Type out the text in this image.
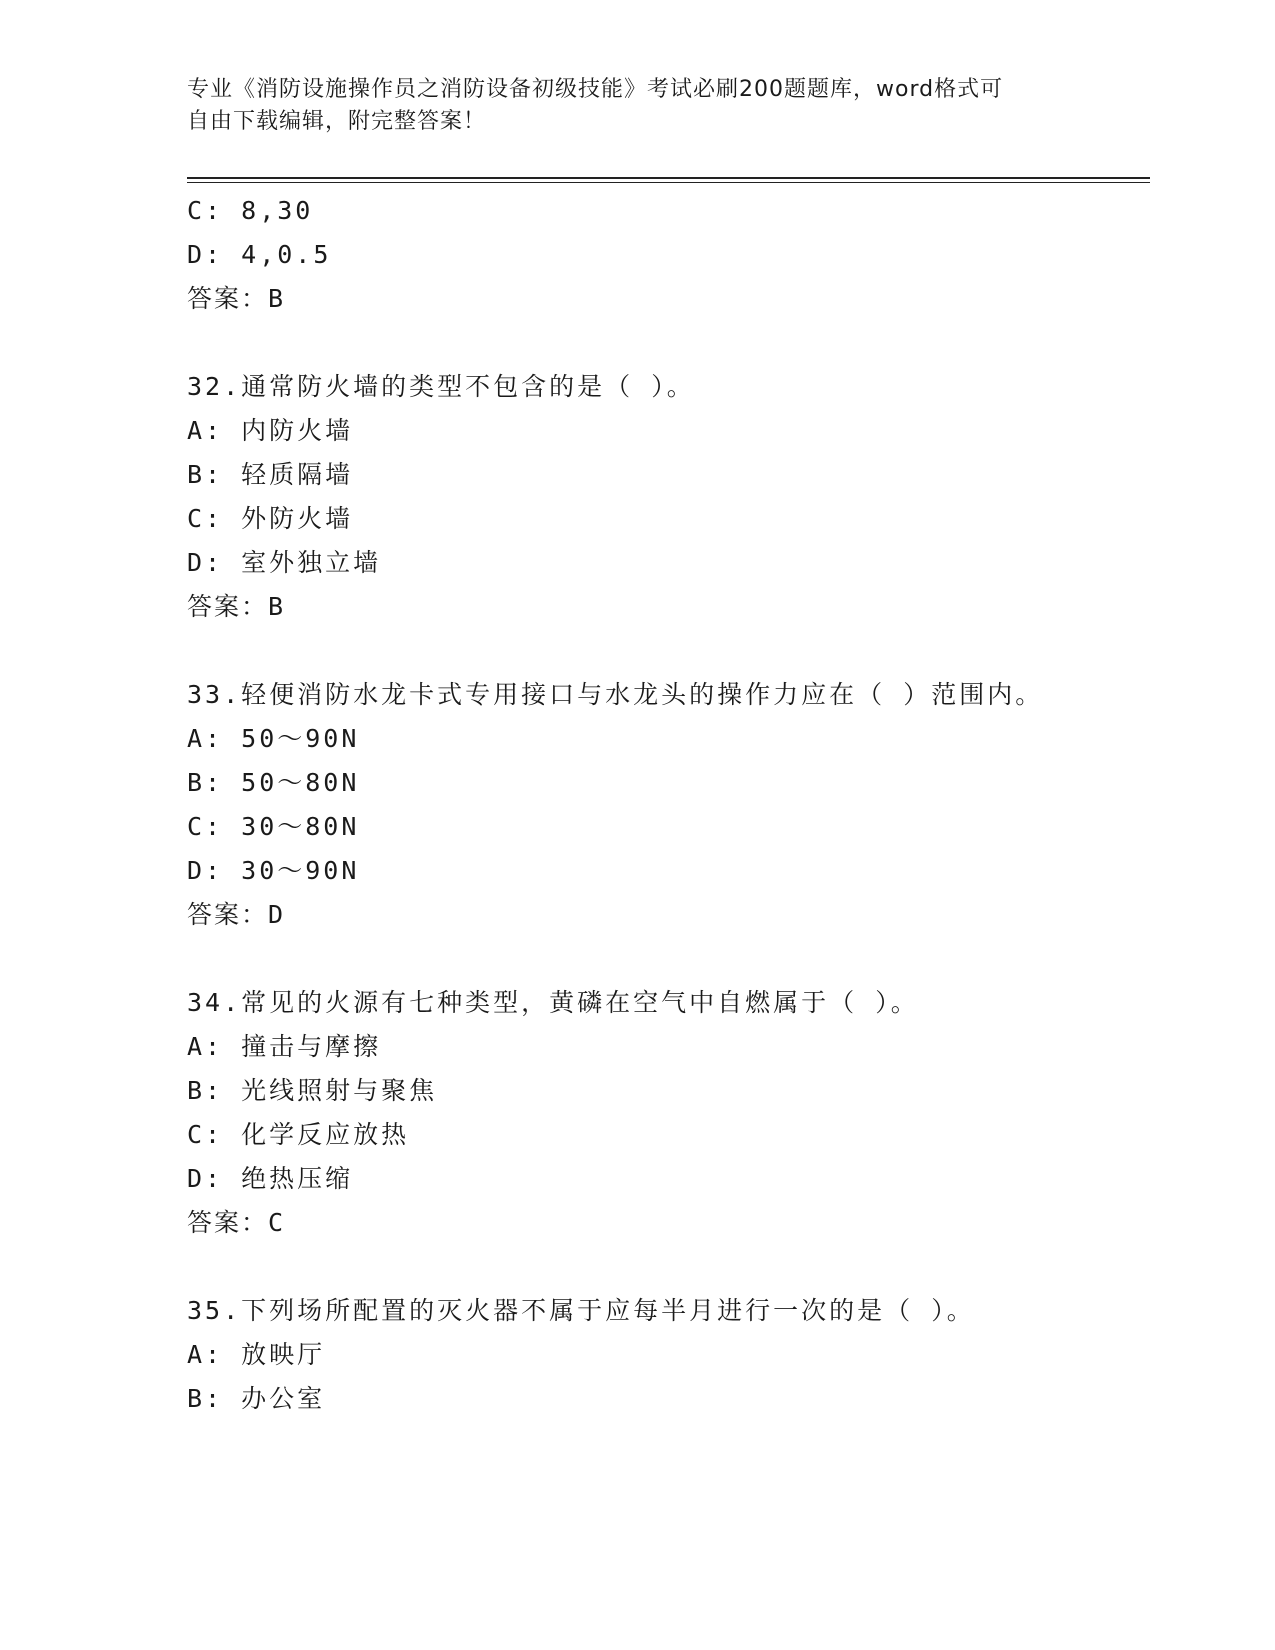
专业《消防设施操作员之消防设备初级技能》考试必刷200题题库，word格式可
自由下载编辑，附完整答案！
C: 8,30
D: 4,0.5
答案：B
32.通常防火墙的类型不包含的是（ ）。
A: 内防火墙
B: 轻质隔墙
C: 外防火墙
D: 室外独立墙
答案：B
33.轻便消防水龙卡式专用接口与水龙头的操作力应在（ ）范围内。
A: 50～90N
B: 50～80N
C: 30～80N
D: 30～90N
答案：D
34.常见的火源有七种类型，黄磷在空气中自燃属于（ ）。
A: 撞击与摩擦
B: 光线照射与聚焦
C: 化学反应放热
D: 绝热压缩
答案：C
35.下列场所配置的灭火器不属于应每半月进行一次的是（ ）。
A: 放映厅
B: 办公室
